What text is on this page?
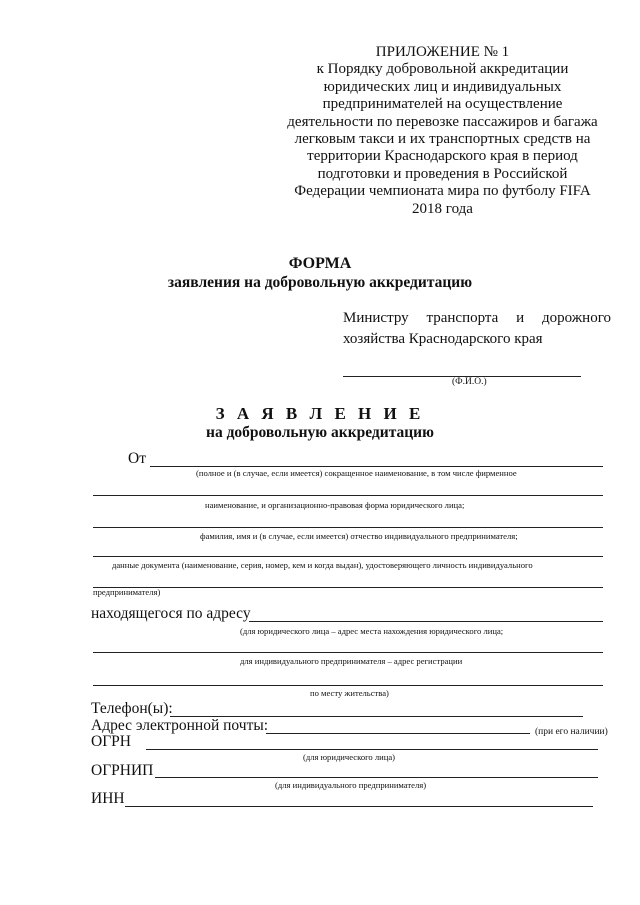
ПРИЛОЖЕНИЕ № 1
к Порядку добровольной аккредитации
юридических лиц и индивидуальных
предпринимателей на осуществление
деятельности по перевозке пассажиров и багажа
легковым такси и их транспортных средств на
территории Краснодарского края в период
подготовки и проведения в Российской
Федерации чемпионата мира по футболу FIFA
2018 года
ФОРМА
заявления на добровольную аккредитацию
Министру транспорта и дорожного
хозяйства Краснодарского края
(Ф.И.О.)
З А Я В Л Е Н И Е
на добровольную аккредитацию
От
(полное и (в случае, если имеется) сокращенное наименование, в том числе фирменное
наименование, и организационно-правовая форма юридического лица;
фамилия, имя и (в случае, если имеется) отчество индивидуального предпринимателя;
данные документа (наименование, серия, номер, кем и когда выдан), удостоверяющего личность индивидуального
предпринимателя)
находящегося по адресу
(для юридического лица – адрес места нахождения юридического лица;
для индивидуального предпринимателя – адрес регистрации
по месту жительства)
Телефон(ы):
Адрес электронной почты:	(при его наличии)
ОГРН
(для юридического лица)
ОГРНИП
(для индивидуального предпринимателя)
ИНН
